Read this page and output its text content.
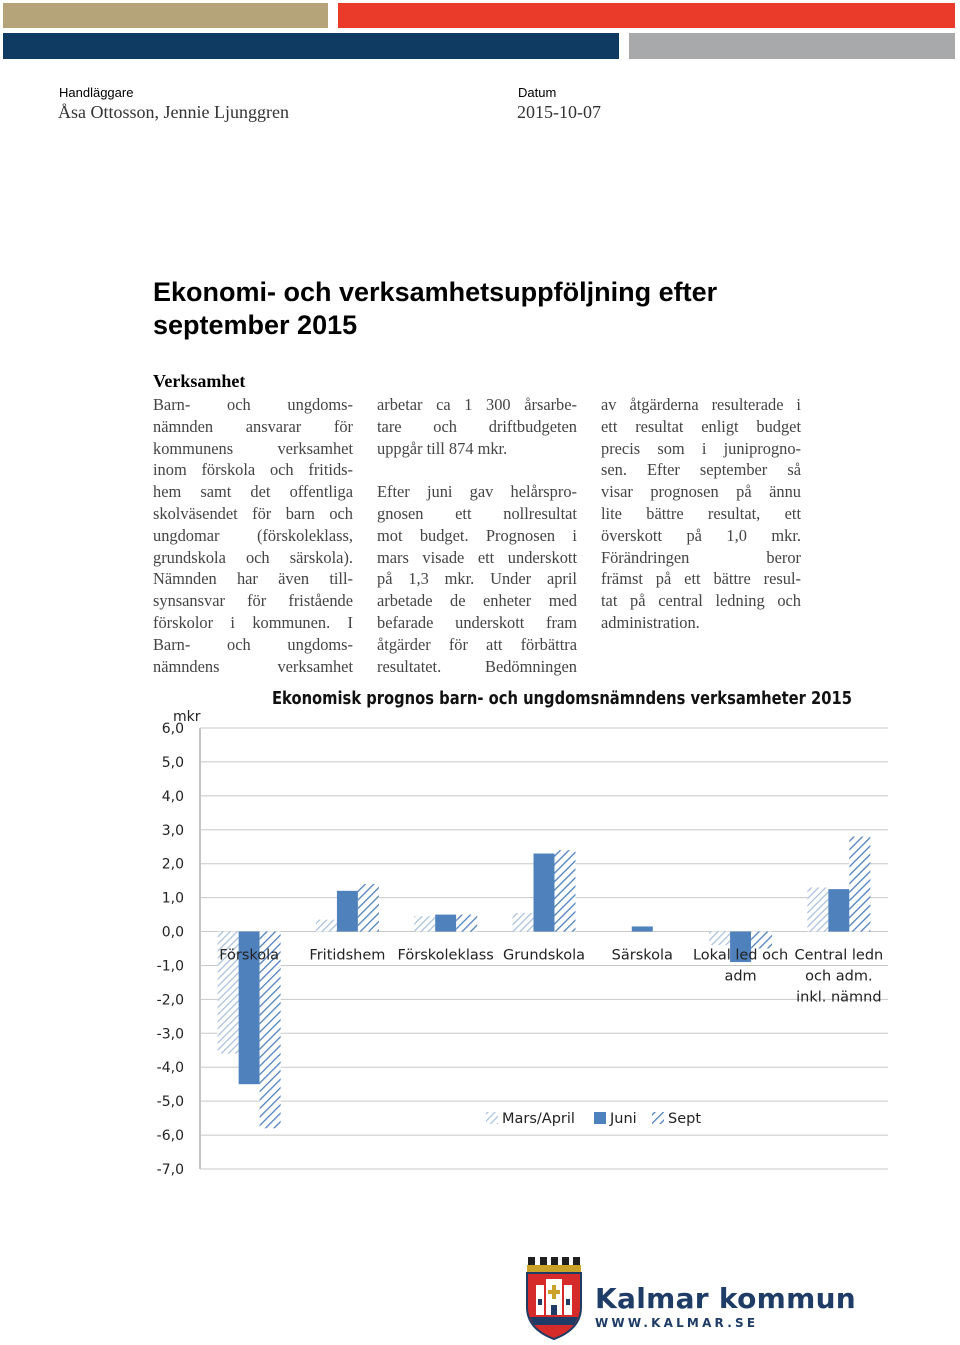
Handläggare
Åsa Ottosson, Jennie Ljunggren
Datum
2015-10-07
Ekonomi- och verksamhetsuppföljning efter
september 2015
Verksamhet

Barn- och ungdoms-

nämnden ansvarar för

kommunens verksamhet

inom förskola och fritids-

hem samt det offentliga

skolväsendet för barn och

ungdomar (förskoleklass,

grundskola och särskola).

Nämnden har även till-

synsansvar för fristående

förskolor i kommunen. I

Barn- och ungdoms-

nämndens verksamhet

arbetar ca 1 300 årsarbe-

tare och driftbudgeten

uppgår till 874 mkr.

Efter juni gav helårspro-

gnosen ett nollresultat

mot budget. Prognosen i

mars visade ett underskott

på 1,3 mkr. Under april

arbetade de enheter med

befarade underskott fram

åtgärder för att förbättra

resultatet. Bedömningen

av åtgärderna resulterade i

ett resultat enligt budget

precis som i juniprogno-

sen. Efter september så

visar prognosen på ännu

lite bättre resultat, ett

överskott på 1,0 mkr.

Förändringen beror

främst på ett bättre resul-

tat på central ledning och

administration.

6,0
5,0
4,0
3,0
2,0
1,0
0,0
-1,0
-2,0
-3,0
-4,0
-5,0
-6,0
-7,0
Förskola Fritidshem Förskoleklass Grundskola Särskola Lokal led och
adm
Central ledn
och adm.
inkl. nämnd
Ekonomisk prognos barn- och ungdomsnämndens verksamheter 2015
mkr
Mars/April Juni Sept
Kalmar kommun
WWW.KALMAR.SE
